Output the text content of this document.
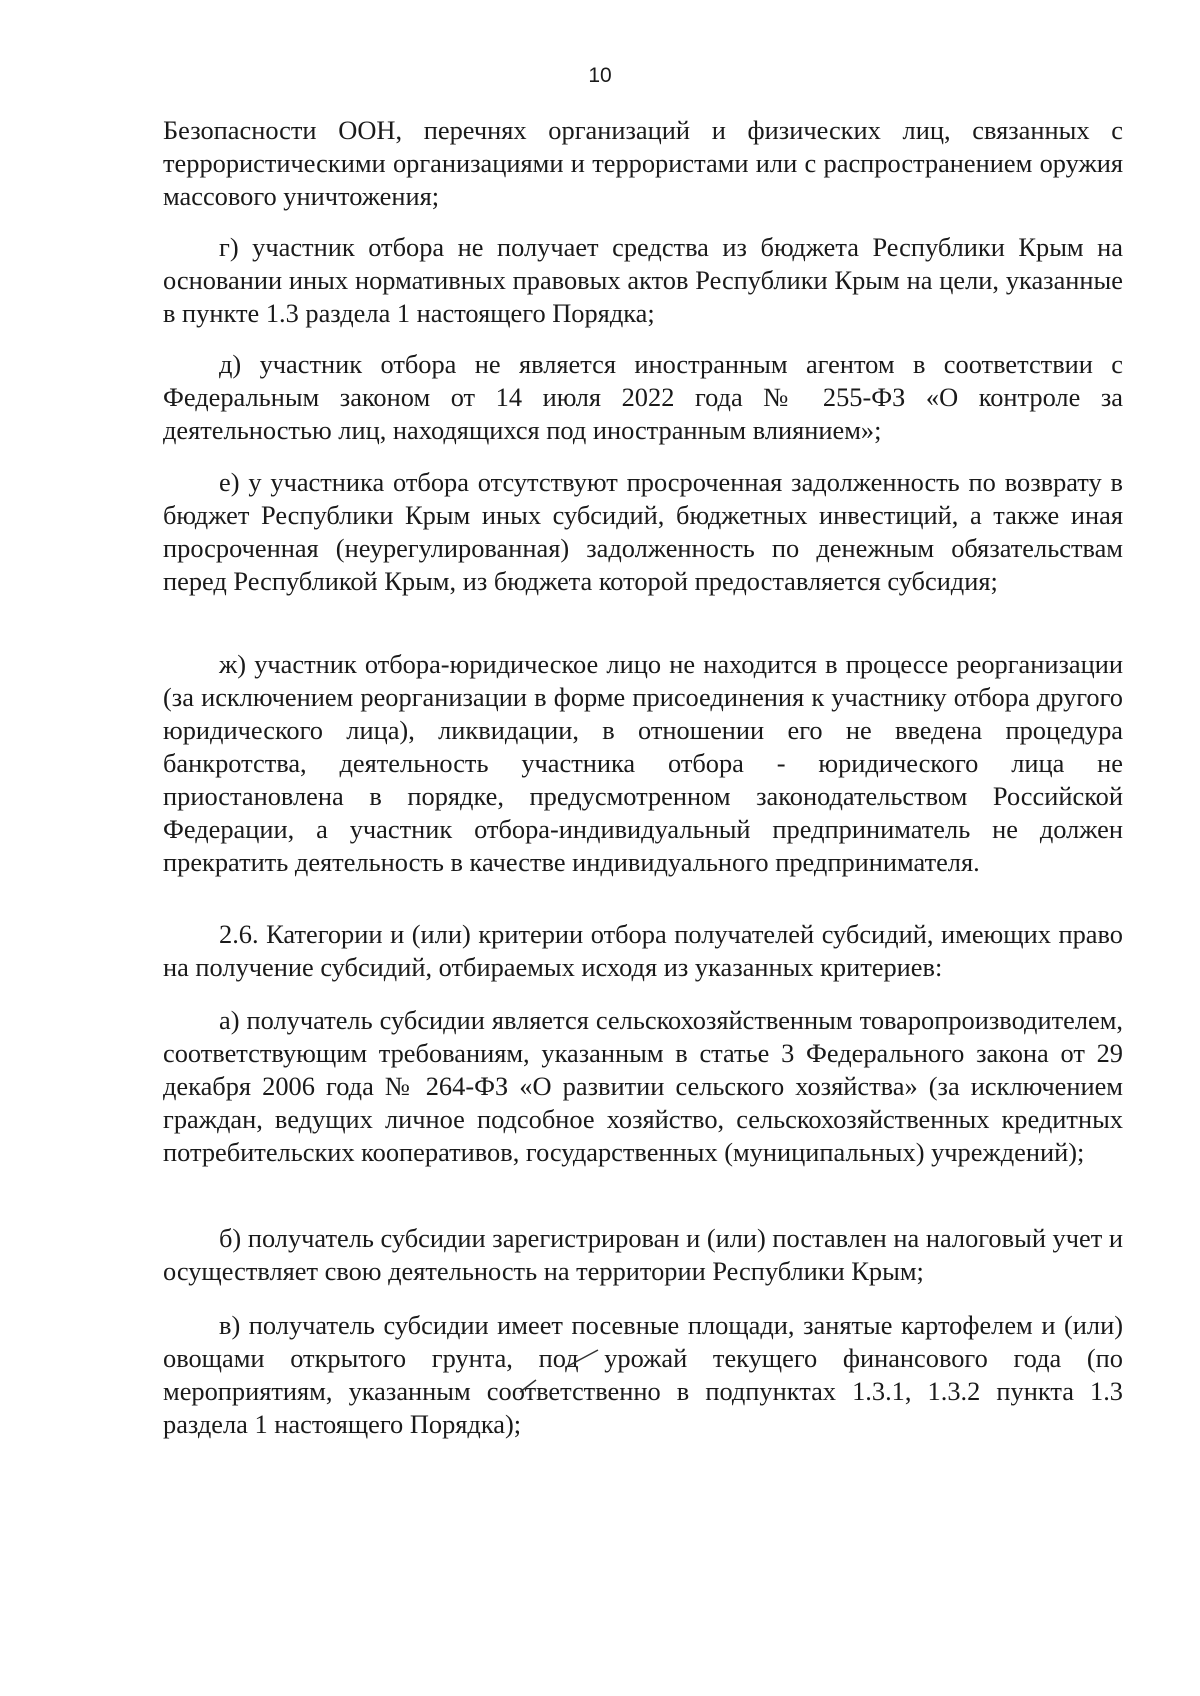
10

Безопасности ООН, перечнях организаций и физических лиц, связанных с террористическими организациями и террористами или с распространением оружия массового уничтожения;

г) участник отбора не получает средства из бюджета Республики Крым на основании иных нормативных правовых актов Республики Крым на цели, указанные в пункте 1.3 раздела 1 настоящего Порядка;

д) участник отбора не является иностранным агентом в соответствии с Федеральным законом от 14 июля 2022 года № 255-ФЗ «О контроле за деятельностью лиц, находящихся под иностранным влиянием»;

е) у участника отбора отсутствуют просроченная задолженность по возврату в бюджет Республики Крым иных субсидий, бюджетных инвестиций, а также иная просроченная (неурегулированная) задолженность по денежным обязательствам перед Республикой Крым, из бюджета которой предоставляется субсидия;

ж) участник отбора-юридическое лицо не находится в процессе реорганизации (за исключением реорганизации в форме присоединения к участнику отбора другого юридического лица), ликвидации, в отношении его не введена процедура банкротства, деятельность участника отбора - юридического лица не приостановлена в порядке, предусмотренном законодательством Российской Федерации, а участник отбора-индивидуальный предприниматель не должен прекратить деятельность в качестве индивидуального предпринимателя.

2.6. Категории и (или) критерии отбора получателей субсидий, имеющих право на получение субсидий, отбираемых исходя из указанных критериев:

а) получатель субсидии является сельскохозяйственным товаропроизводителем, соответствующим требованиям, указанным в статье 3 Федерального закона от 29 декабря 2006 года № 264-ФЗ «О развитии сельского хозяйства» (за исключением граждан, ведущих личное подсобное хозяйство, сельскохозяйственных кредитных потребительских кооперативов, государственных (муниципальных) учреждений);

б) получатель субсидии зарегистрирован и (или) поставлен на налоговый учет и осуществляет свою деятельность на территории Республики Крым;

в) получатель субсидии имеет посевные площади, занятые картофелем и (или) овощами открытого грунта, под урожай текущего финансового года (по мероприятиям, указанным соответственно в подпунктах 1.3.1, 1.3.2 пункта 1.3 раздела 1 настоящего Порядка);
